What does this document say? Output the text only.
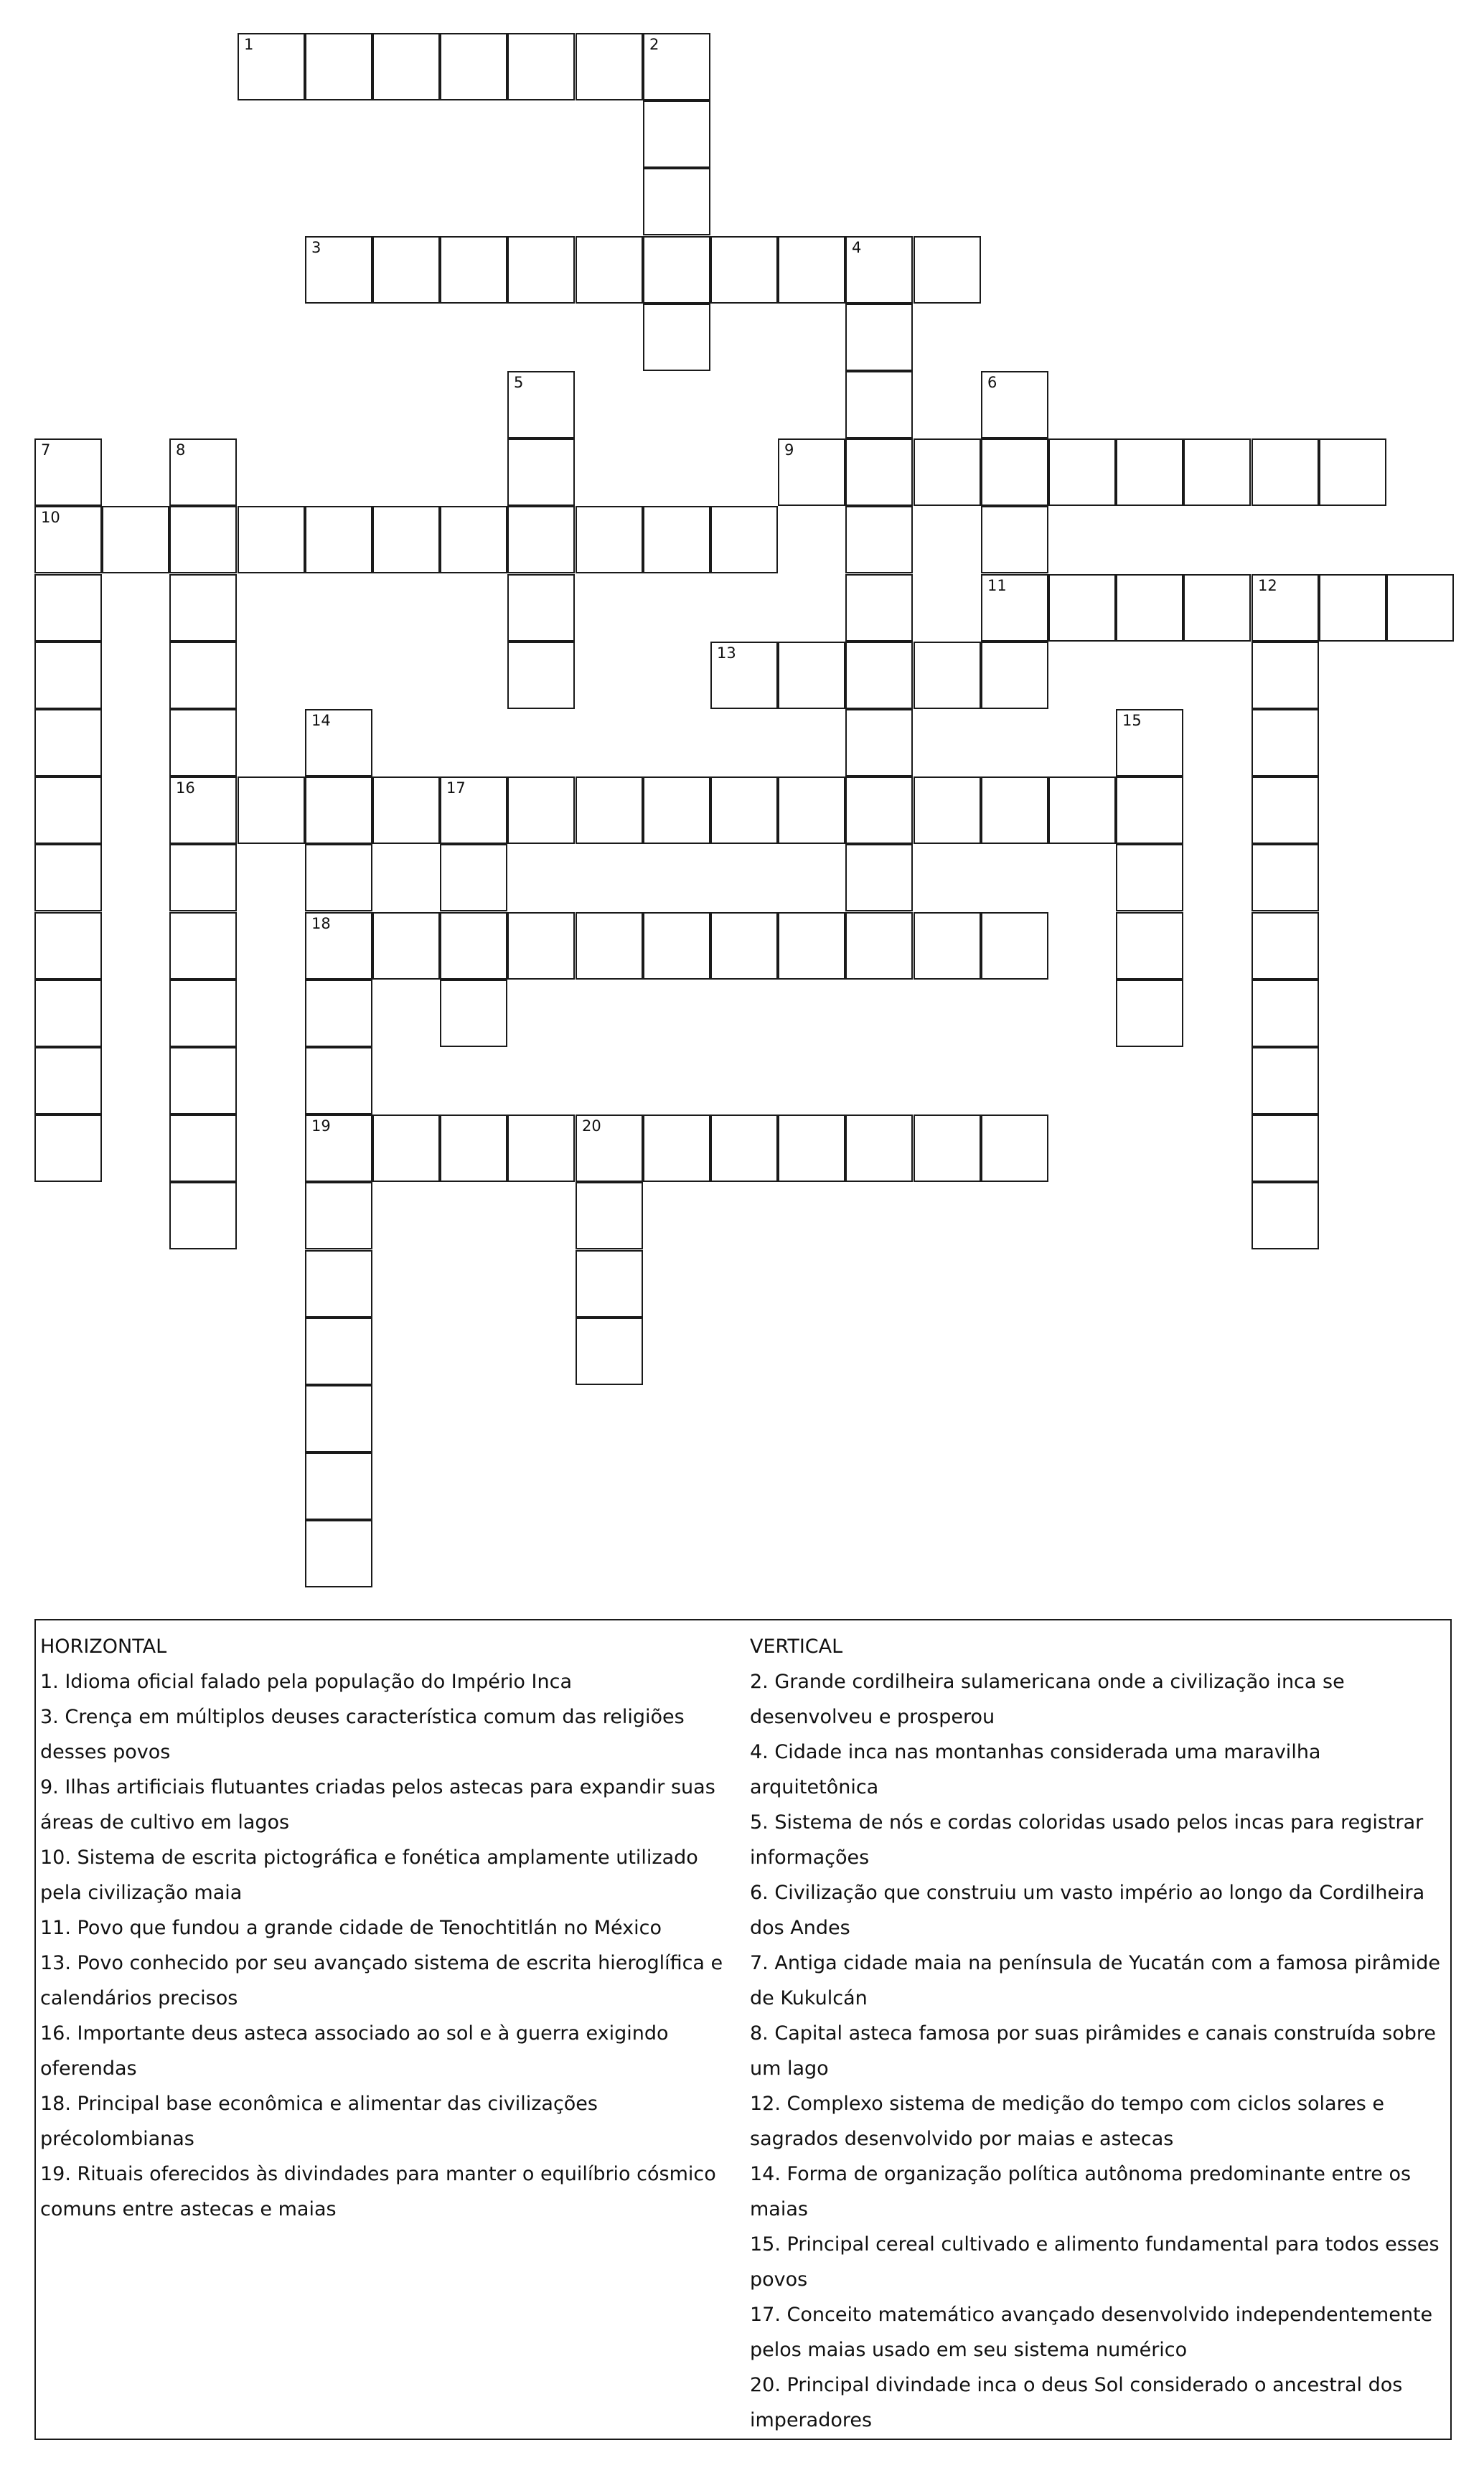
1	2
3	4
5	6
11
7
10
8
16
9
12
13
14
18
19
15
17
20

HORIZONTAL

1. Idioma oficial falado pela população do Império Inca

3. Crença em múltiplos deuses característica comum das religiões desses povos

9. Ilhas artificiais flutuantes criadas pelos astecas para expandir suas áreas de cultivo em lagos

10. Sistema de escrita pictográfica e fonética amplamente utilizado pela civilização maia

11. Povo que fundou a grande cidade de Tenochtitlán no México

13. Povo conhecido por seu avançado sistema de escrita hieroglífica e calendários precisos

16. Importante deus asteca associado ao sol e à guerra exigindo oferendas

18. Principal base econômica e alimentar das civilizações précolombianas

19. Rituais oferecidos às divindades para manter o equilíbrio cósmico comuns entre astecas e maias

VERTICAL

2. Grande cordilheira sulamericana onde a civilização inca se desenvolveu e prosperou

4. Cidade inca nas montanhas considerada uma maravilha arquitetônica

5. Sistema de nós e cordas coloridas usado pelos incas para registrar informações

6. Civilização que construiu um vasto império ao longo da Cordilheira dos Andes

7. Antiga cidade maia na península de Yucatán com a famosa pirâmide de Kukulcán

8. Capital asteca famosa por suas pirâmides e canais construída sobre um lago

12. Complexo sistema de medição do tempo com ciclos solares e sagrados desenvolvido por maias e astecas

14. Forma de organização política autônoma predominante entre os maias

15. Principal cereal cultivado e alimento fundamental para todos esses povos

17. Conceito matemático avançado desenvolvido independentemente pelos maias usado em seu sistema numérico

20. Principal divindade inca o deus Sol considerado o ancestral dos imperadores
